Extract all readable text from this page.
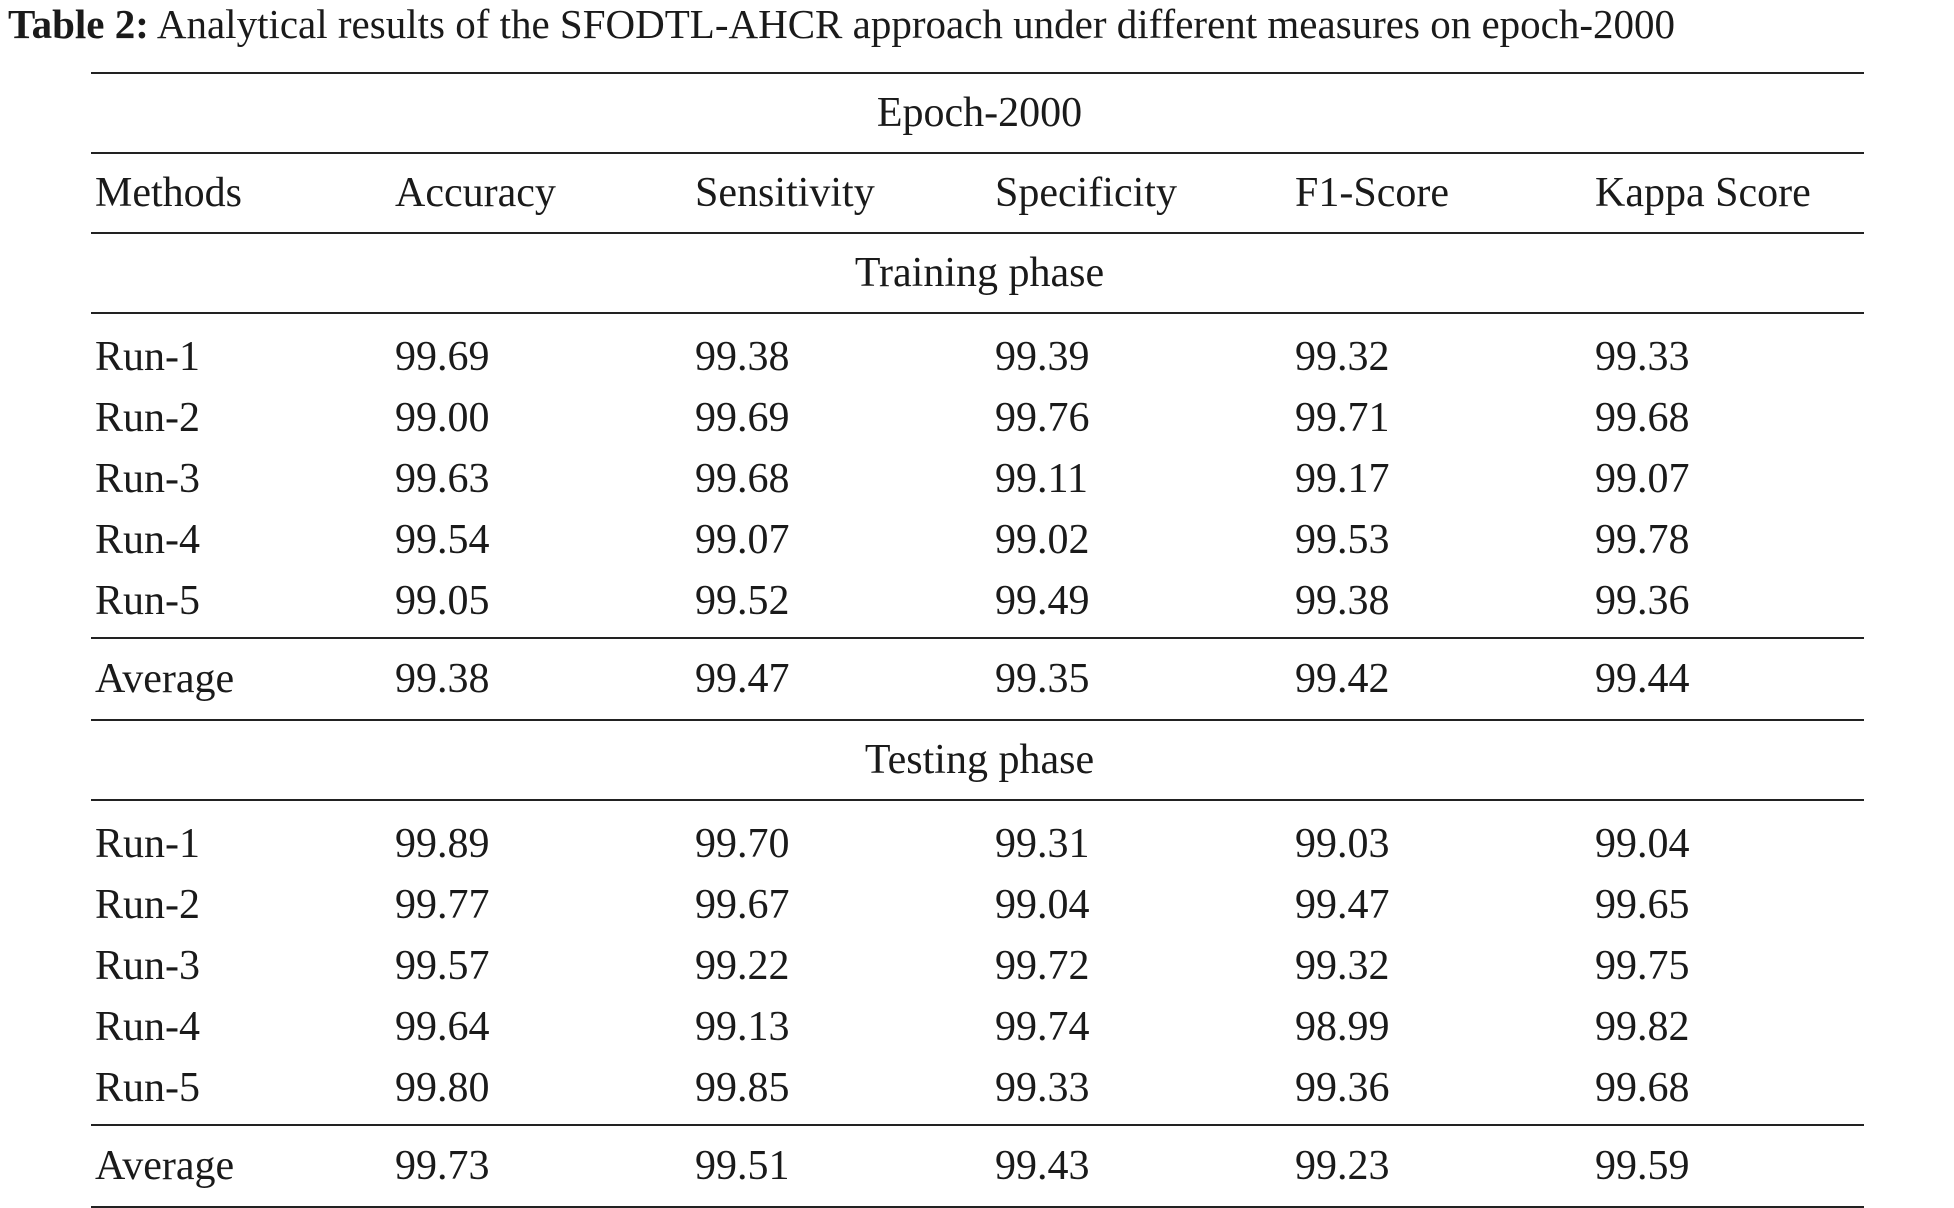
Table 2: Analytical results of the SFODTL-AHCR approach under different measures on epoch-2000
Epoch-2000					
Methods	Accuracy	Sensitivity	Specificity	F1-Score	Kappa Score
Training phase					
Run-1	99.69	99.38	99.39	99.32	99.33
Run-2	99.00	99.69	99.76	99.71	99.68
Run-3	99.63	99.68	99.11	99.17	99.07
Run-4	99.54	99.07	99.02	99.53	99.78
Run-5	99.05	99.52	99.49	99.38	99.36
Average	99.38	99.47	99.35	99.42	99.44
Testing phase					
Run-1	99.89	99.70	99.31	99.03	99.04
Run-2	99.77	99.67	99.04	99.47	99.65
Run-3	99.57	99.22	99.72	99.32	99.75
Run-4	99.64	99.13	99.74	98.99	99.82
Run-5	99.80	99.85	99.33	99.36	99.68
Average	99.73	99.51	99.43	99.23	99.59
